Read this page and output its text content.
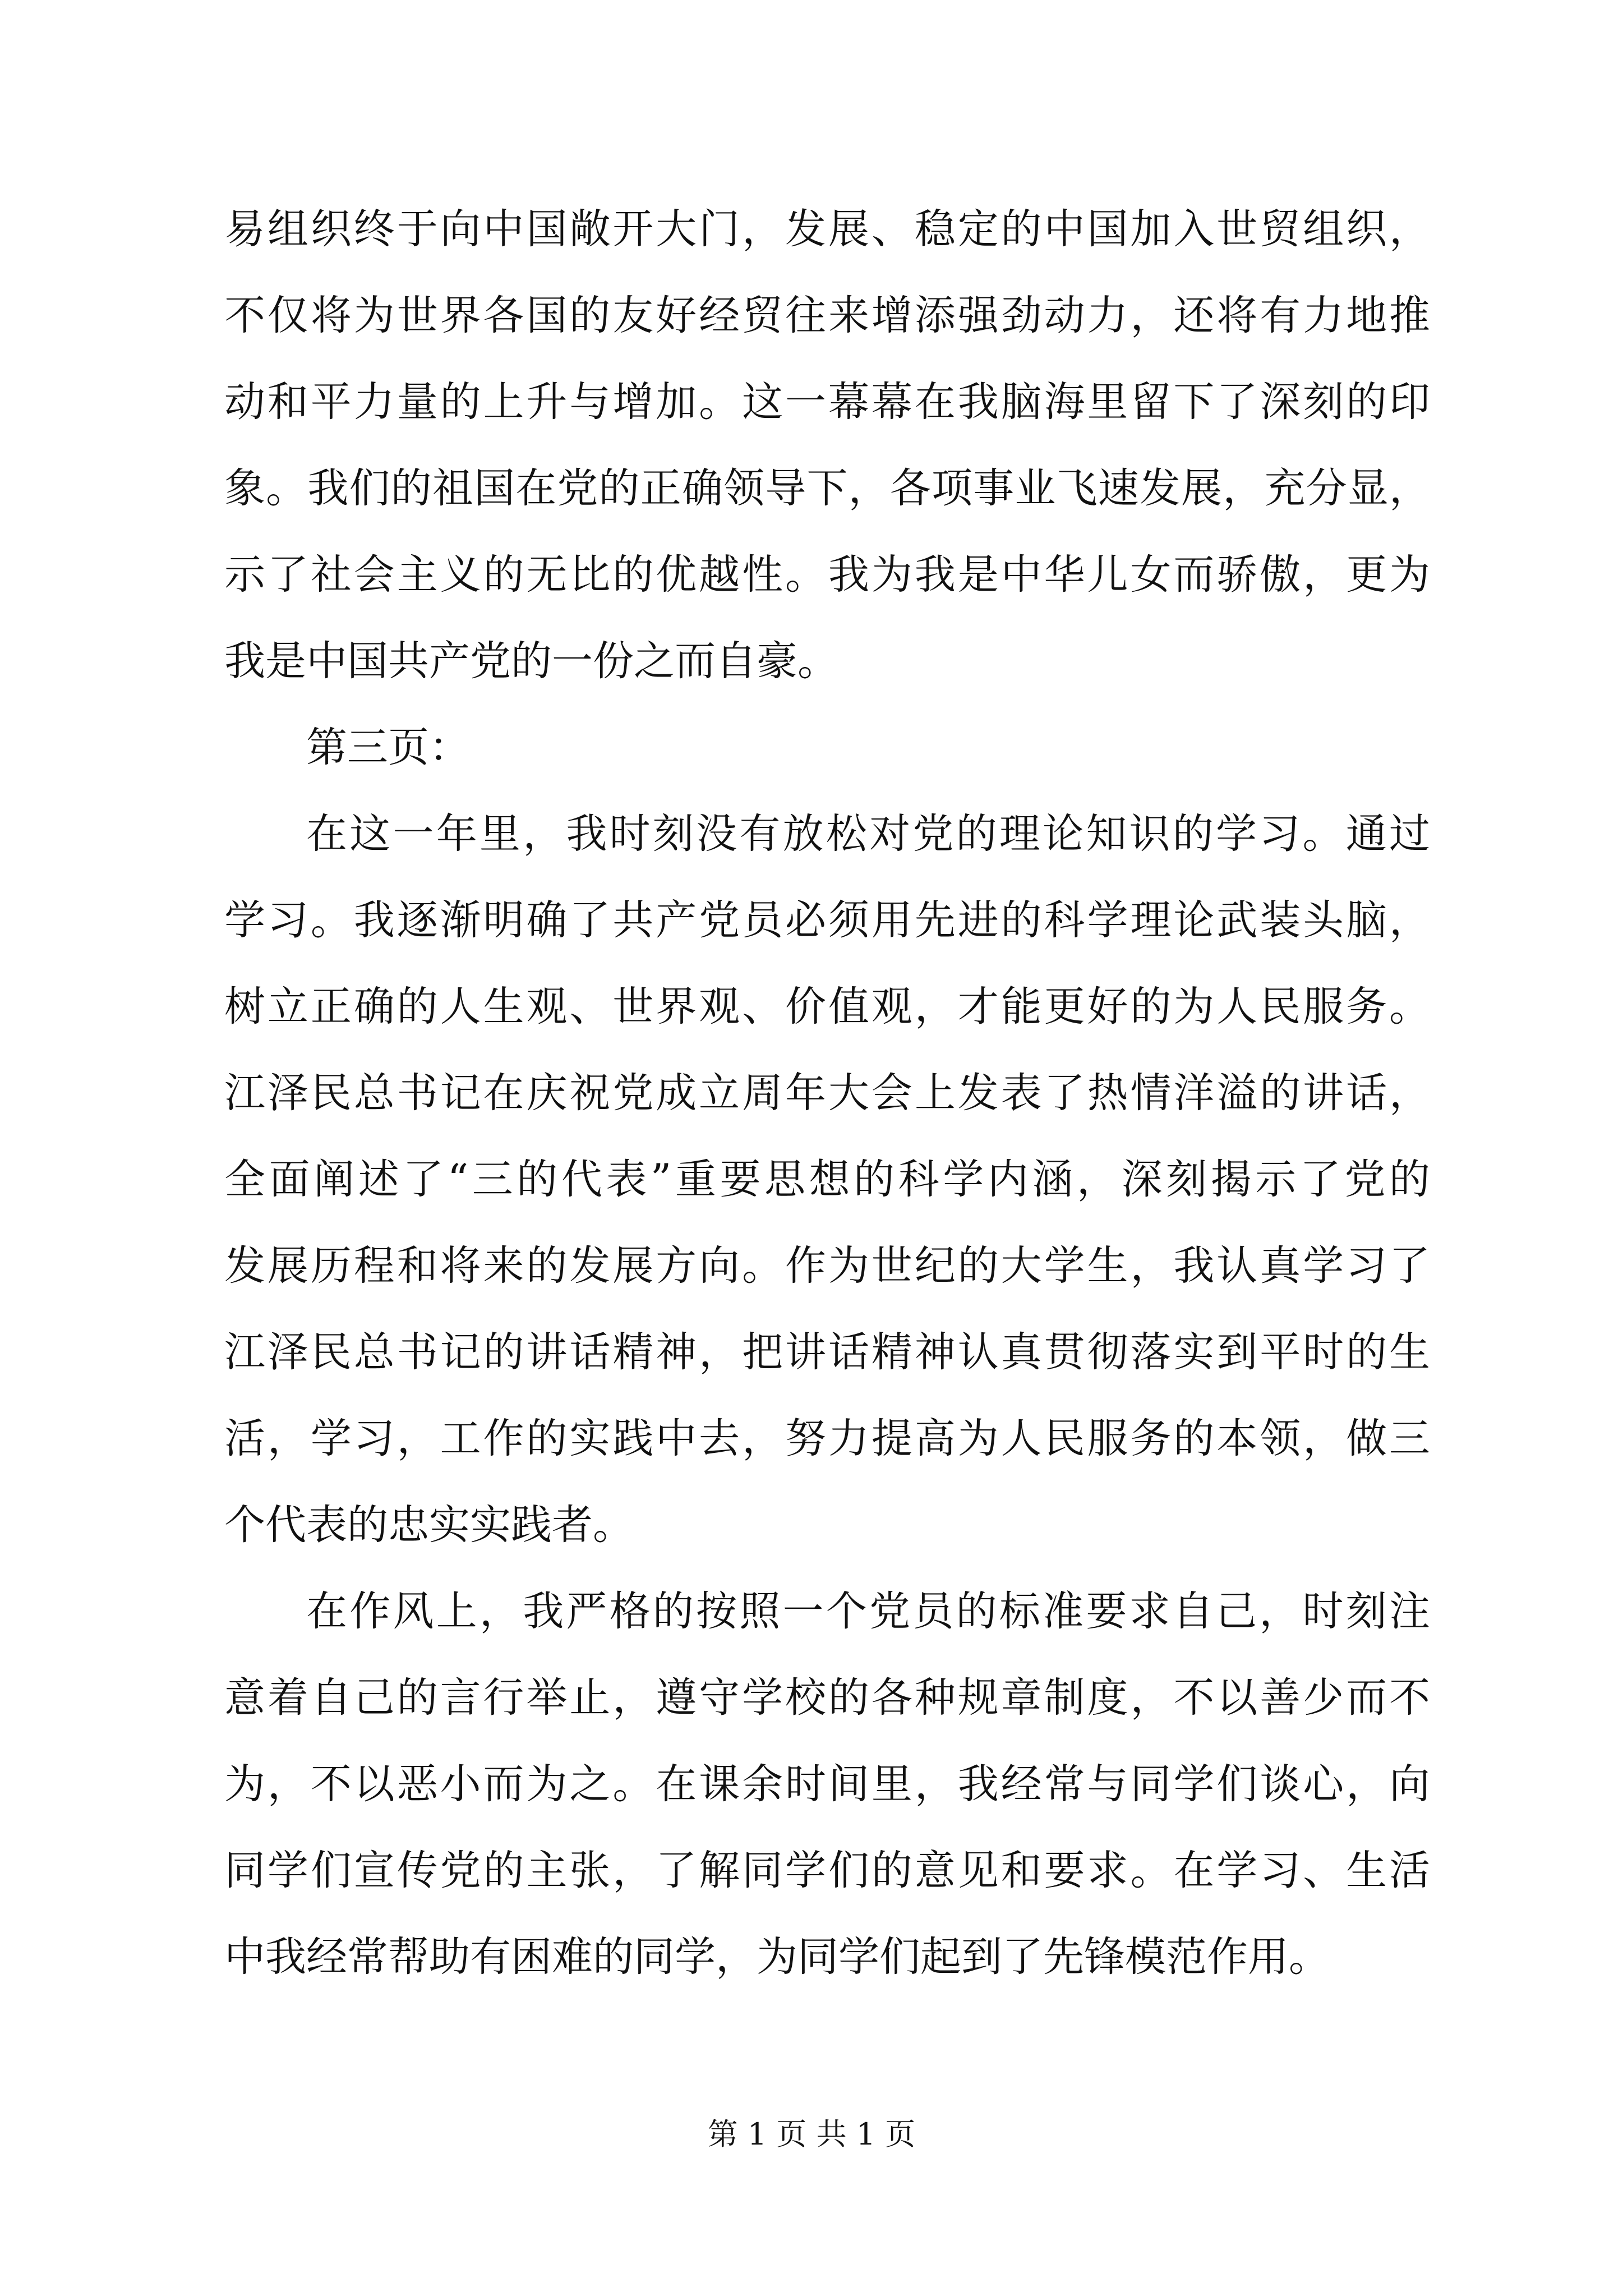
易组织终于向中国敞开大门，发展、稳定的中国加入世贸组织，
不仅将为世界各国的友好经贸往来增添强劲动力，还将有力地推
动和平力量的上升与增加。这一幕幕在我脑海里留下了深刻的印
象。我们的祖国在党的正确领导下，各项事业飞速发展，充分显，
示了社会主义的无比的优越性。我为我是中华儿女而骄傲，更为
我是中国共产党的一份之而自豪。
第三页：
在这一年里，我时刻没有放松对党的理论知识的学习。通过
学习。我逐渐明确了共产党员必须用先进的科学理论武装头脑，
树立正确的人生观、世界观、价值观，才能更好的为人民服务。
江泽民总书记在庆祝党成立周年大会上发表了热情洋溢的讲话，
全面阐述了“三的代表”重要思想的科学内涵，深刻揭示了党的
发展历程和将来的发展方向。作为世纪的大学生，我认真学习了
江泽民总书记的讲话精神，把讲话精神认真贯彻落实到平时的生
活，学习，工作的实践中去，努力提高为人民服务的本领，做三
个代表的忠实实践者。
在作风上，我严格的按照一个党员的标准要求自己，时刻注
意着自己的言行举止，遵守学校的各种规章制度，不以善少而不
为，不以恶小而为之。在课余时间里，我经常与同学们谈心，向
同学们宣传党的主张，了解同学们的意见和要求。在学习、生活
中我经常帮助有困难的同学，为同学们起到了先锋模范作用。
第 1 页 共 1 页
